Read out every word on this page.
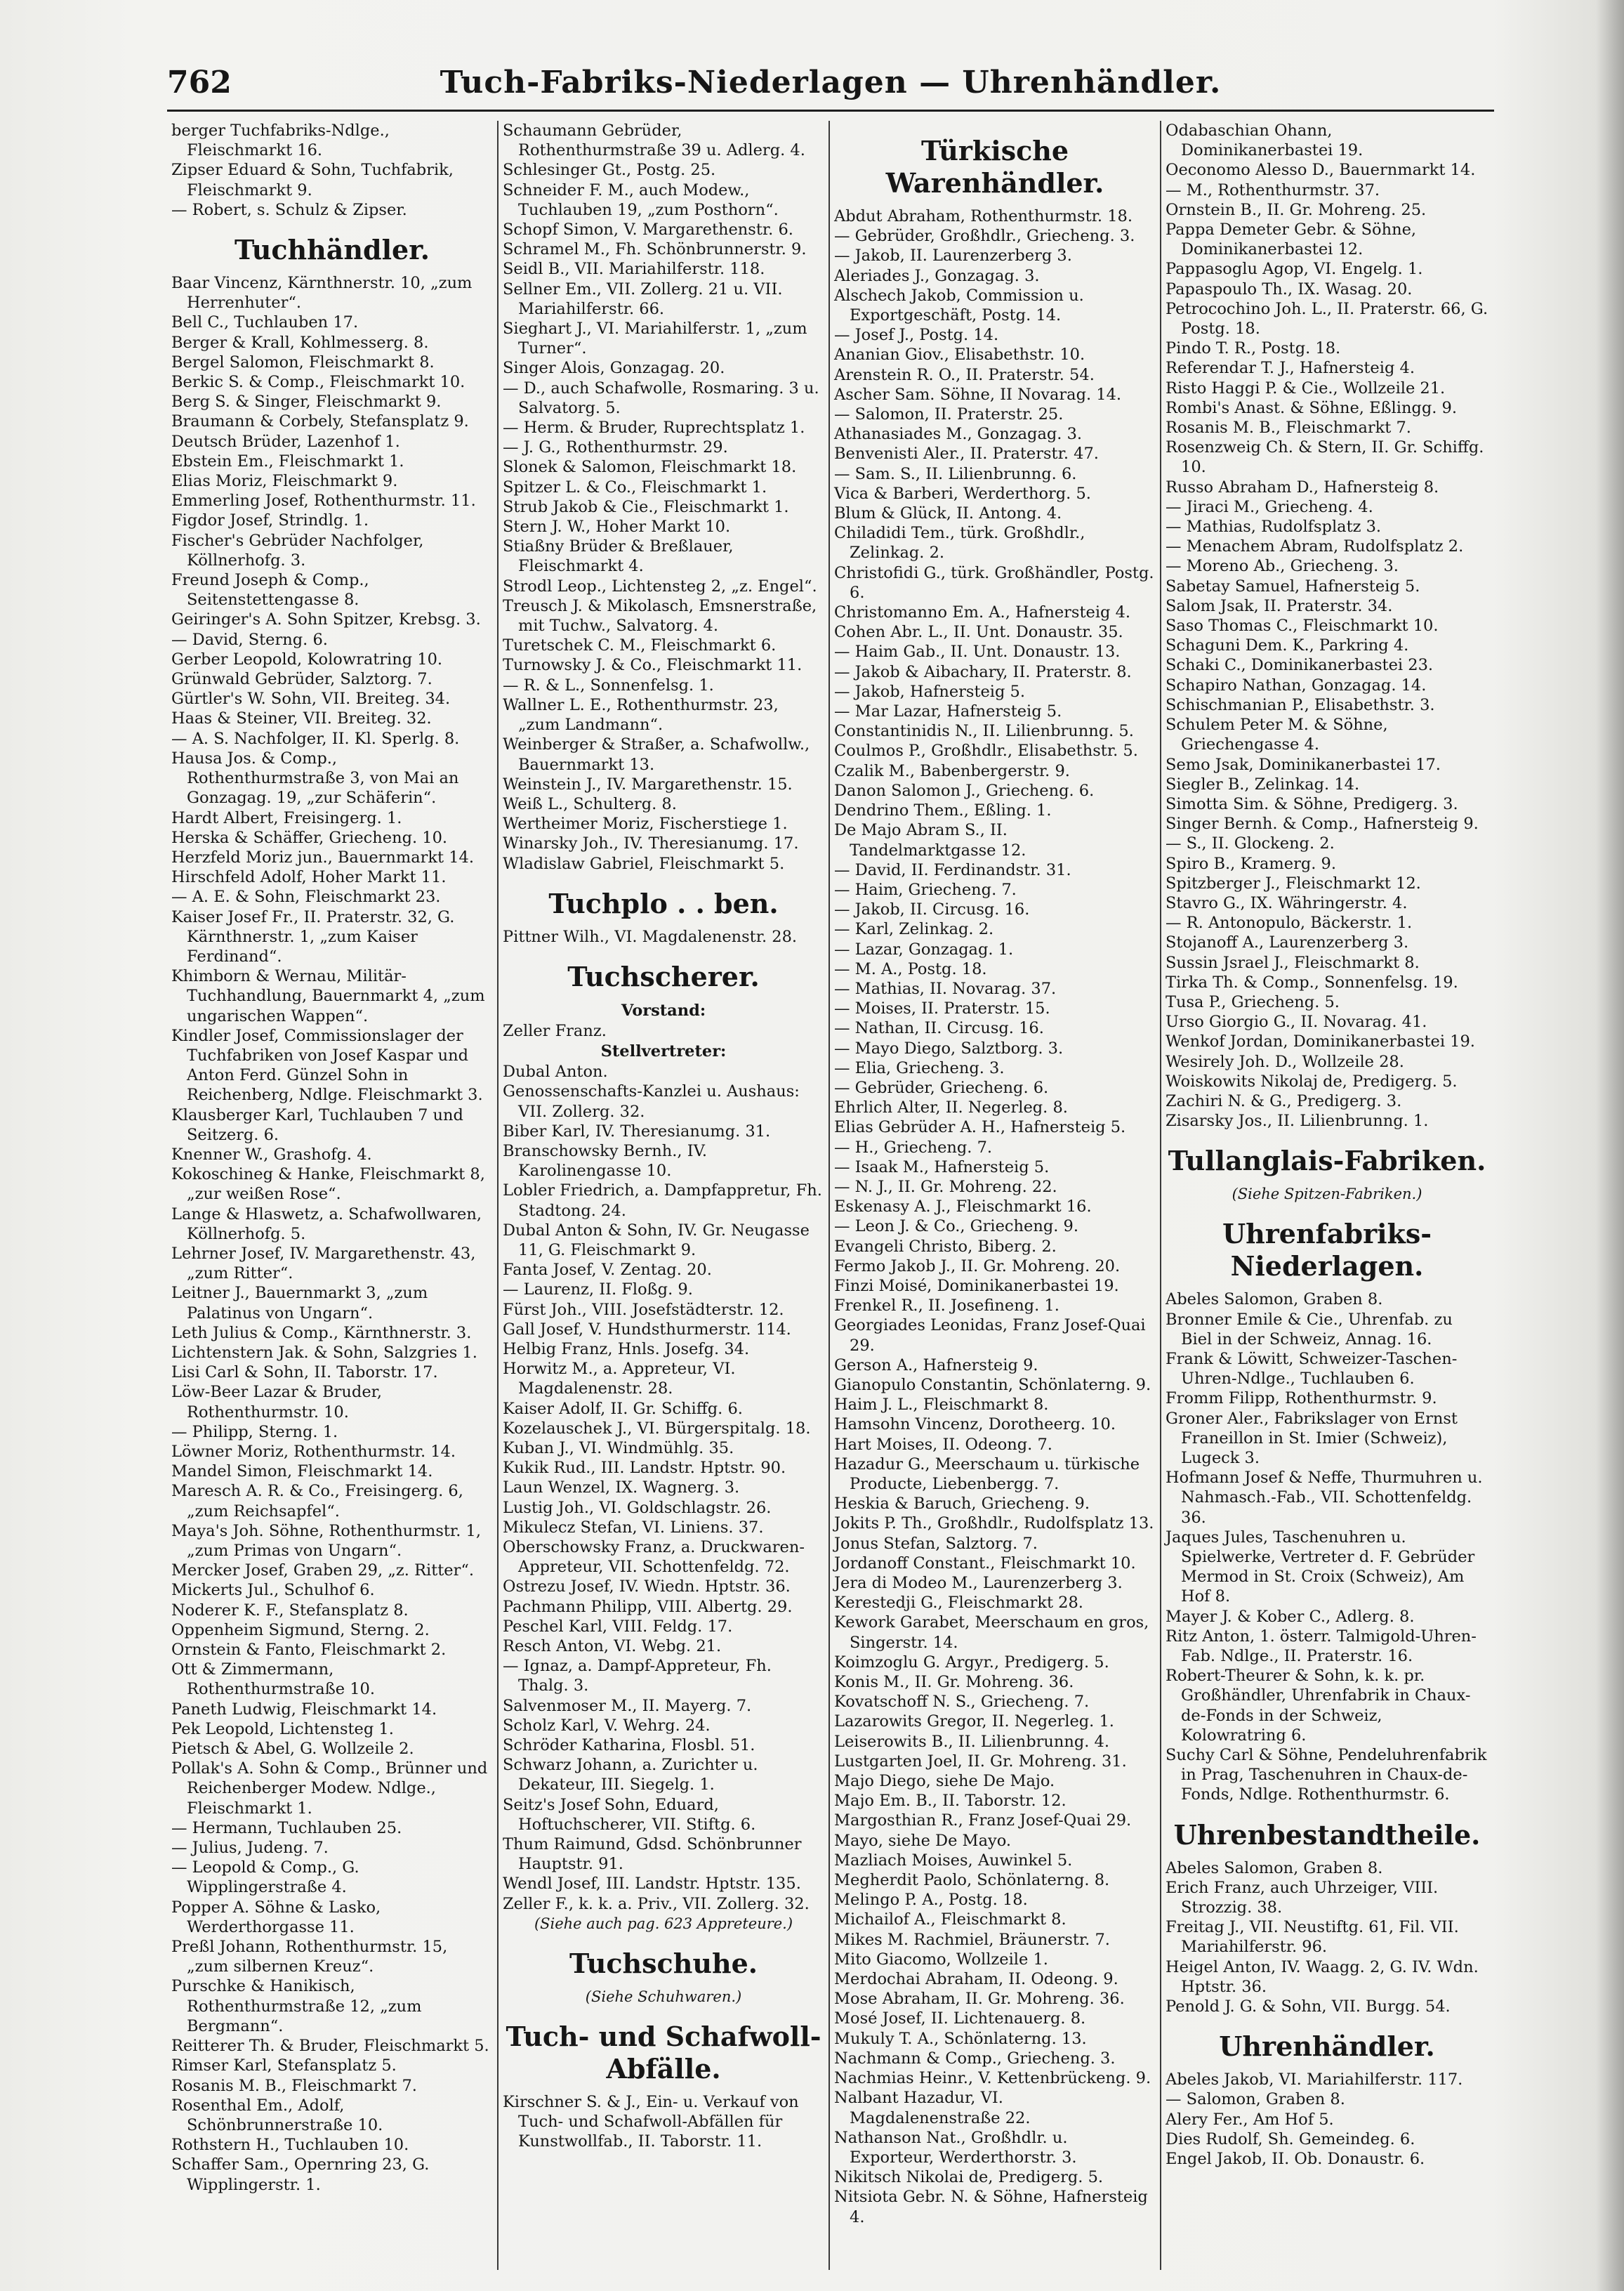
Tuch-Fabriks-Niederlagen — Uhrenhändler.
762
berger Tuchfabriks-Ndlge., Fleischmarkt 16.
Zipser Eduard & Sohn, Tuchfabrik, Fleischmarkt 9.
— Robert, s. Schulz & Zipser.
Tuchhändler.
Baar Vincenz, Kärnthnerstr. 10, „zum Herrenhuter“.
Bell C., Tuchlauben 17.
Berger & Krall, Kohlmesserg. 8.
Bergel Salomon, Fleischmarkt 8.
Berkic S. & Comp., Fleischmarkt 10.
Berg S. & Singer, Fleischmarkt 9.
Braumann & Corbely, Stefansplatz 9.
Deutsch Brüder, Lazenhof 1.
Ebstein Em., Fleischmarkt 1.
Elias Moriz, Fleischmarkt 9.
Emmerling Josef, Rothenthurmstr. 11.
Figdor Josef, Strindlg. 1.
Fischer's Gebrüder Nachfolger, Köllnerhofg. 3.
Freund Joseph & Comp., Seitenstettengasse 8.
Geiringer's A. Sohn Spitzer, Krebsg. 3.
— David, Sterng. 6.
Gerber Leopold, Kolowratring 10.
Grünwald Gebrüder, Salztorg. 7.
Gürtler's W. Sohn, VII. Breiteg. 34.
Haas & Steiner, VII. Breiteg. 32.
— A. S. Nachfolger, II. Kl. Sperlg. 8.
Hausa Jos. & Comp., Rothenthurmstraße 3, von Mai an Gonzagag. 19, „zur Schäferin“.
Hardt Albert, Freisingerg. 1.
Herska & Schäffer, Griecheng. 10.
Herzfeld Moriz jun., Bauernmarkt 14.
Hirschfeld Adolf, Hoher Markt 11.
— A. E. & Sohn, Fleischmarkt 23.
Kaiser Josef Fr., II. Praterstr. 32, G. Kärnthnerstr. 1, „zum Kaiser Ferdinand“.
Khimborn & Wernau, Militär-Tuchhandlung, Bauernmarkt 4, „zum ungarischen Wappen“.
Kindler Josef, Commissionslager der Tuchfabriken von Josef Kaspar und Anton Ferd. Günzel Sohn in Reichenberg, Ndlge. Fleischmarkt 3.
Klausberger Karl, Tuchlauben 7 und Seitzerg. 6.
Knenner W., Grashofg. 4.
Kokoschineg & Hanke, Fleischmarkt 8, „zur weißen Rose“.
Lange & Hlaswetz, a. Schafwollwaren, Köllnerhofg. 5.
Lehrner Josef, IV. Margarethenstr. 43, „zum Ritter“.
Leitner J., Bauernmarkt 3, „zum Palatinus von Ungarn“.
Leth Julius & Comp., Kärnthnerstr. 3.
Lichtenstern Jak. & Sohn, Salzgries 1.
Lisi Carl & Sohn, II. Taborstr. 17.
Löw-Beer Lazar & Bruder, Rothenthurmstr. 10.
— Philipp, Sterng. 1.
Löwner Moriz, Rothenthurmstr. 14.
Mandel Simon, Fleischmarkt 14.
Maresch A. R. & Co., Freisingerg. 6, „zum Reichsapfel“.
Maya's Joh. Söhne, Rothenthurmstr. 1, „zum Primas von Ungarn“.
Mercker Josef, Graben 29, „z. Ritter“.
Mickerts Jul., Schulhof 6.
Noderer K. F., Stefansplatz 8.
Oppenheim Sigmund, Sterng. 2.
Ornstein & Fanto, Fleischmarkt 2.
Ott & Zimmermann, Rothenthurmstraße 10.
Paneth Ludwig, Fleischmarkt 14.
Pek Leopold, Lichtensteg 1.
Pietsch & Abel, G. Wollzeile 2.
Pollak's A. Sohn & Comp., Brünner und Reichenberger Modew. Ndlge., Fleischmarkt 1.
— Hermann, Tuchlauben 25.
— Julius, Judeng. 7.
— Leopold & Comp., G. Wipplingerstraße 4.
Popper A. Söhne & Lasko, Werderthorgasse 11.
Preßl Johann, Rothenthurmstr. 15, „zum silbernen Kreuz“.
Purschke & Hanikisch, Rothenthurmstraße 12, „zum Bergmann“.
Reitterer Th. & Bruder, Fleischmarkt 5.
Rimser Karl, Stefansplatz 5.
Rosanis M. B., Fleischmarkt 7.
Rosenthal Em., Adolf, Schönbrunnerstraße 10.
Rothstern H., Tuchlauben 10.
Schaffer Sam., Opernring 23, G. Wipplingerstr. 1.
Schaumann Gebrüder, Rothenthurmstraße 39 u. Adlerg. 4.
Schlesinger Gt., Postg. 25.
Schneider F. M., auch Modew., Tuchlauben 19, „zum Posthorn“.
Schopf Simon, V. Margarethenstr. 6.
Schramel M., Fh. Schönbrunnerstr. 9.
Seidl B., VII. Mariahilferstr. 118.
Sellner Em., VII. Zollerg. 21 u. VII. Mariahilferstr. 66.
Sieghart J., VI. Mariahilferstr. 1, „zum Turner“.
Singer Alois, Gonzagag. 20.
— D., auch Schafwolle, Rosmaring. 3 u. Salvatorg. 5.
— Herm. & Bruder, Ruprechtsplatz 1.
— J. G., Rothenthurmstr. 29.
Slonek & Salomon, Fleischmarkt 18.
Spitzer L. & Co., Fleischmarkt 1.
Strub Jakob & Cie., Fleischmarkt 1.
Stern J. W., Hoher Markt 10.
Stiaßny Brüder & Breßlauer, Fleischmarkt 4.
Strodl Leop., Lichtensteg 2, „z. Engel“.
Treusch J. & Mikolasch, Emsnerstraße, mit Tuchw., Salvatorg. 4.
Turetschek C. M., Fleischmarkt 6.
Turnowsky J. & Co., Fleischmarkt 11.
— R. & L., Sonnenfelsg. 1.
Wallner L. E., Rothenthurmstr. 23, „zum Landmann“.
Weinberger & Straßer, a. Schafwollw., Bauernmarkt 13.
Weinstein J., IV. Margarethenstr. 15.
Weiß L., Schulterg. 8.
Wertheimer Moriz, Fischerstiege 1.
Winarsky Joh., IV. Theresianumg. 17.
Wladislaw Gabriel, Fleischmarkt 5.
Tuchplo . . ben.
Pittner Wilh., VI. Magdalenenstr. 28.
Tuchscherer.
Vorstand:
Zeller Franz.
Stellvertreter:
Dubal Anton.
Genossenschafts-Kanzlei u. Aushaus: VII. Zollerg. 32.
Biber Karl, IV. Theresianumg. 31.
Branschowsky Bernh., IV. Karolinengasse 10.
Lobler Friedrich, a. Dampfappretur, Fh. Stadtong. 24.
Dubal Anton & Sohn, IV. Gr. Neugasse 11, G. Fleischmarkt 9.
Fanta Josef, V. Zentag. 20.
— Laurenz, II. Floßg. 9.
Fürst Joh., VIII. Josefstädterstr. 12.
Gall Josef, V. Hundsthurmerstr. 114.
Helbig Franz, Hnls. Josefg. 34.
Horwitz M., a. Appreteur, VI. Magdalenenstr. 28.
Kaiser Adolf, II. Gr. Schiffg. 6.
Kozelauschek J., VI. Bürgerspitalg. 18.
Kuban J., VI. Windmühlg. 35.
Kukik Rud., III. Landstr. Hptstr. 90.
Laun Wenzel, IX. Wagnerg. 3.
Lustig Joh., VI. Goldschlagstr. 26.
Mikulecz Stefan, VI. Liniens. 37.
Oberschowsky Franz, a. Druckwaren-Appreteur, VII. Schottenfeldg. 72.
Ostrezu Josef, IV. Wiedn. Hptstr. 36.
Pachmann Philipp, VIII. Albertg. 29.
Peschel Karl, VIII. Feldg. 17.
Resch Anton, VI. Webg. 21.
— Ignaz, a. Dampf-Appreteur, Fh. Thalg. 3.
Salvenmoser M., II. Mayerg. 7.
Scholz Karl, V. Wehrg. 24.
Schröder Katharina, Flosbl. 51.
Schwarz Johann, a. Zurichter u. Dekateur, III. Siegelg. 1.
Seitz's Josef Sohn, Eduard, Hoftuchscherer, VII. Stiftg. 6.
Thum Raimund, Gdsd. Schönbrunner Hauptstr. 91.
Wendl Josef, III. Landstr. Hptstr. 135.
Zeller F., k. k. a. Priv., VII. Zollerg. 32.
(Siehe auch pag. 623 Appreteure.)
Tuchschuhe.
(Siehe Schuhwaren.)
Tuch- und Schafwoll-Abfälle.
Kirschner S. & J., Ein- u. Verkauf von Tuch- und Schafwoll-Abfällen für Kunstwollfab., II. Taborstr. 11.
Türkische Warenhändler.
Abdut Abraham, Rothenthurmstr. 18.
— Gebrüder, Großhdlr., Griecheng. 3.
— Jakob, II. Laurenzerberg 3.
Aleriades J., Gonzagag. 3.
Alschech Jakob, Commission u. Exportgeschäft, Postg. 14.
— Josef J., Postg. 14.
Ananian Giov., Elisabethstr. 10.
Arenstein R. O., II. Praterstr. 54.
Ascher Sam. Söhne, II Novarag. 14.
— Salomon, II. Praterstr. 25.
Athanasiades M., Gonzagag. 3.
Benvenisti Aler., II. Praterstr. 47.
— Sam. S., II. Lilienbrunng. 6.
Vica & Barberi, Werderthorg. 5.
Blum & Glück, II. Antong. 4.
Chiladidi Tem., türk. Großhdlr., Zelinkag. 2.
Christofidi G., türk. Großhändler, Postg. 6.
Christomanno Em. A., Hafnersteig 4.
Cohen Abr. L., II. Unt. Donaustr. 35.
— Haim Gab., II. Unt. Donaustr. 13.
— Jakob & Aibachary, II. Praterstr. 8.
— Jakob, Hafnersteig 5.
— Mar Lazar, Hafnersteig 5.
Constantinidis N., II. Lilienbrunng. 5.
Coulmos P., Großhdlr., Elisabethstr. 5.
Czalik M., Babenbergerstr. 9.
Danon Salomon J., Griecheng. 6.
Dendrino Them., Eßling. 1.
De Majo Abram S., II. Tandelmarktgasse 12.
— David, II. Ferdinandstr. 31.
— Haim, Griecheng. 7.
— Jakob, II. Circusg. 16.
— Karl, Zelinkag. 2.
— Lazar, Gonzagag. 1.
— M. A., Postg. 18.
— Mathias, II. Novarag. 37.
— Moises, II. Praterstr. 15.
— Nathan, II. Circusg. 16.
— Mayo Diego, Salztborg. 3.
— Elia, Griecheng. 3.
— Gebrüder, Griecheng. 6.
Ehrlich Alter, II. Negerleg. 8.
Elias Gebrüder A. H., Hafnersteig 5.
— H., Griecheng. 7.
— Isaak M., Hafnersteig 5.
— N. J., II. Gr. Mohreng. 22.
Eskenasy A. J., Fleischmarkt 16.
— Leon J. & Co., Griecheng. 9.
Evangeli Christo, Biberg. 2.
Fermo Jakob J., II. Gr. Mohreng. 20.
Finzi Moisé, Dominikanerbastei 19.
Frenkel R., II. Josefineng. 1.
Georgiades Leonidas, Franz Josef-Quai 29.
Gerson A., Hafnersteig 9.
Gianopulo Constantin, Schönlaterng. 9.
Haim J. L., Fleischmarkt 8.
Hamsohn Vincenz, Dorotheerg. 10.
Hart Moises, II. Odeong. 7.
Hazadur G., Meerschaum u. türkische Producte, Liebenbergg. 7.
Heskia & Baruch, Griecheng. 9.
Jokits P. Th., Großhdlr., Rudolfsplatz 13.
Jonus Stefan, Salztorg. 7.
Jordanoff Constant., Fleischmarkt 10.
Jera di Modeo M., Laurenzerberg 3.
Kerestedji G., Fleischmarkt 28.
Kework Garabet, Meerschaum en gros, Singerstr. 14.
Koimzoglu G. Argyr., Predigerg. 5.
Konis M., II. Gr. Mohreng. 36.
Kovatschoff N. S., Griecheng. 7.
Lazarowits Gregor, II. Negerleg. 1.
Leiserowits B., II. Lilienbrunng. 4.
Lustgarten Joel, II. Gr. Mohreng. 31.
Majo Diego, siehe De Majo.
Majo Em. B., II. Taborstr. 12.
Margosthian R., Franz Josef-Quai 29.
Mayo, siehe De Mayo.
Mazliach Moises, Auwinkel 5.
Megherdit Paolo, Schönlaterng. 8.
Melingo P. A., Postg. 18.
Michailof A., Fleischmarkt 8.
Mikes M. Rachmiel, Bräunerstr. 7.
Mito Giacomo, Wollzeile 1.
Merdochai Abraham, II. Odeong. 9.
Mose Abraham, II. Gr. Mohreng. 36.
Mosé Josef, II. Lichtenauerg. 8.
Mukuly T. A., Schönlaterng. 13.
Nachmann & Comp., Griecheng. 3.
Nachmias Heinr., V. Kettenbrückeng. 9.
Nalbant Hazadur, VI. Magdalenenstraße 22.
Nathanson Nat., Großhdlr. u. Exporteur, Werderthorstr. 3.
Nikitsch Nikolai de, Predigerg. 5.
Nitsiota Gebr. N. & Söhne, Hafnersteig 4.
Odabaschian Ohann, Dominikanerbastei 19.
Oeconomo Alesso D., Bauernmarkt 14.
— M., Rothenthurmstr. 37.
Ornstein B., II. Gr. Mohreng. 25.
Pappa Demeter Gebr. & Söhne, Dominikanerbastei 12.
Pappasoglu Agop, VI. Engelg. 1.
Papaspoulo Th., IX. Wasag. 20.
Petrocochino Joh. L., II. Praterstr. 66, G. Postg. 18.
Pindo T. R., Postg. 18.
Referendar T. J., Hafnersteig 4.
Risto Haggi P. & Cie., Wollzeile 21.
Rombi's Anast. & Söhne, Eßlingg. 9.
Rosanis M. B., Fleischmarkt 7.
Rosenzweig Ch. & Stern, II. Gr. Schiffg. 10.
Russo Abraham D., Hafnersteig 8.
— Jiraci M., Griecheng. 4.
— Mathias, Rudolfsplatz 3.
— Menachem Abram, Rudolfsplatz 2.
— Moreno Ab., Griecheng. 3.
Sabetay Samuel, Hafnersteig 5.
Salom Jsak, II. Praterstr. 34.
Saso Thomas C., Fleischmarkt 10.
Schaguni Dem. K., Parkring 4.
Schaki C., Dominikanerbastei 23.
Schapiro Nathan, Gonzagag. 14.
Schischmanian P., Elisabethstr. 3.
Schulem Peter M. & Söhne, Griechengasse 4.
Semo Jsak, Dominikanerbastei 17.
Siegler B., Zelinkag. 14.
Simotta Sim. & Söhne, Predigerg. 3.
Singer Bernh. & Comp., Hafnersteig 9.
— S., II. Glockeng. 2.
Spiro B., Kramerg. 9.
Spitzberger J., Fleischmarkt 12.
Stavro G., IX. Währingerstr. 4.
— R. Antonopulo, Bäckerstr. 1.
Stojanoff A., Laurenzerberg 3.
Sussin Jsrael J., Fleischmarkt 8.
Tirka Th. & Comp., Sonnenfelsg. 19.
Tusa P., Griecheng. 5.
Urso Giorgio G., II. Novarag. 41.
Wenkof Jordan, Dominikanerbastei 19.
Wesirely Joh. D., Wollzeile 28.
Woiskowits Nikolaj de, Predigerg. 5.
Zachiri N. & G., Predigerg. 3.
Zisarsky Jos., II. Lilienbrunng. 1.
Tullanglais-Fabriken.
(Siehe Spitzen-Fabriken.)
Uhrenfabriks-Niederlagen.
Abeles Salomon, Graben 8.
Bronner Emile & Cie., Uhrenfab. zu Biel in der Schweiz, Annag. 16.
Frank & Löwitt, Schweizer-Taschen-Uhren-Ndlge., Tuchlauben 6.
Fromm Filipp, Rothenthurmstr. 9.
Groner Aler., Fabrikslager von Ernst Franeillon in St. Imier (Schweiz), Lugeck 3.
Hofmann Josef & Neffe, Thurmuhren u. Nahmasch.-Fab., VII. Schottenfeldg. 36.
Jaques Jules, Taschenuhren u. Spielwerke, Vertreter d. F. Gebrüder Mermod in St. Croix (Schweiz), Am Hof 8.
Mayer J. & Kober C., Adlerg. 8.
Ritz Anton, 1. österr. Talmigold-Uhren-Fab. Ndlge., II. Praterstr. 16.
Robert-Theurer & Sohn, k. k. pr. Großhändler, Uhrenfabrik in Chaux-de-Fonds in der Schweiz, Kolowratring 6.
Suchy Carl & Söhne, Pendeluhrenfabrik in Prag, Taschenuhren in Chaux-de-Fonds, Ndlge. Rothenthurmstr. 6.
Uhrenbestandtheile.
Abeles Salomon, Graben 8.
Erich Franz, auch Uhrzeiger, VIII. Strozzig. 38.
Freitag J., VII. Neustiftg. 61, Fil. VII. Mariahilferstr. 96.
Heigel Anton, IV. Waagg. 2, G. IV. Wdn. Hptstr. 36.
Penold J. G. & Sohn, VII. Burgg. 54.
Uhrenhändler.
Abeles Jakob, VI. Mariahilferstr. 117.
— Salomon, Graben 8.
Alery Fer., Am Hof 5.
Dies Rudolf, Sh. Gemeindeg. 6.
Engel Jakob, II. Ob. Donaustr. 6.
